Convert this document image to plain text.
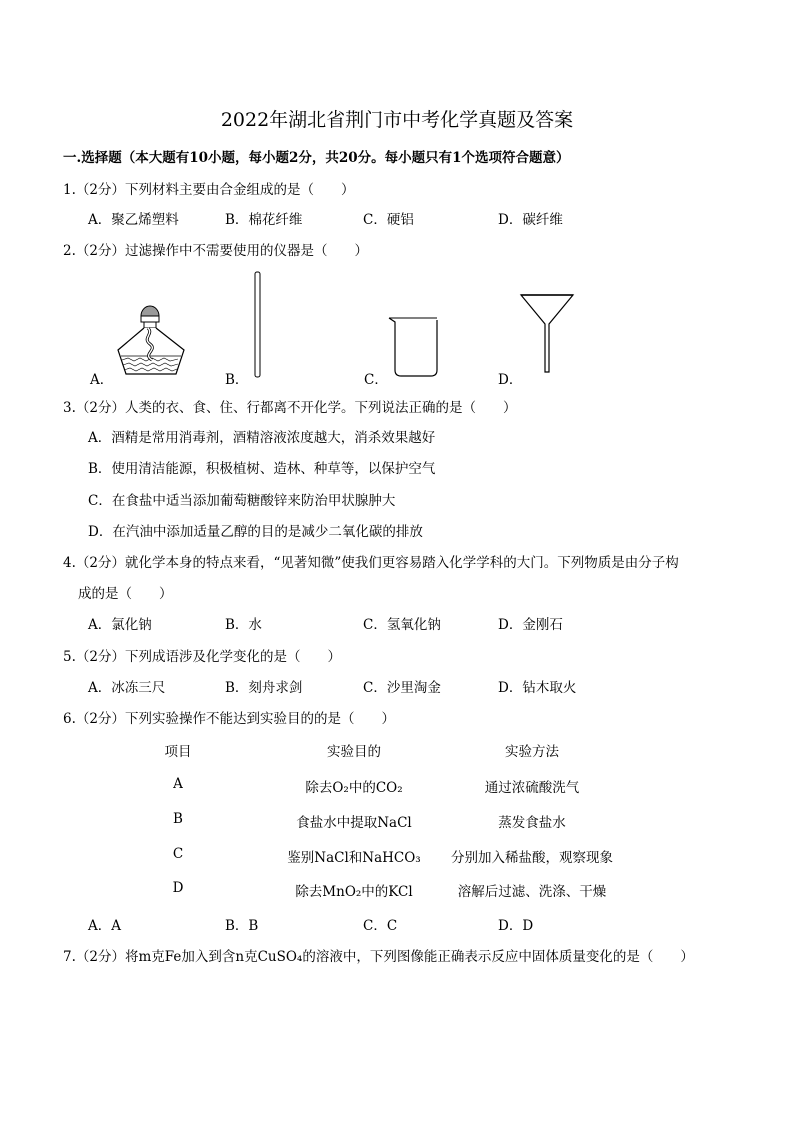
2022年湖北省荆门市中考化学真题及答案
一.选择题（本大题有10小题，每小题2分，共20分。每小题只有1个选项符合题意）
1.（2分）下列材料主要由合金组成的是（　　）
A．聚乙烯塑料	B．棉花纤维	C．硬铝	D．碳纤维
2.（2分）过滤操作中不需要使用的仪器是（　　）
A．	B．	C．	D．
3.（2分）人类的衣、食、住、行都离不开化学。下列说法正确的是（　　）
A．酒精是常用消毒剂，酒精溶液浓度越大，消杀效果越好
B．使用清洁能源，积极植树、造林、种草等，以保护空气
C．在食盐中适当添加葡萄糖酸锌来防治甲状腺肿大
D．在汽油中添加适量乙醇的目的是减少二氧化碳的排放
4.（2分）就化学本身的特点来看，“见著知微”使我们更容易踏入化学学科的大门。下列物质是由分子构
成的是（　　）
A．氯化钠	B．水	C．氢氧化钠	D．金刚石
5.（2分）下列成语涉及化学变化的是（　　）
A．冰冻三尺	B．刻舟求剑	C．沙里淘金	D．钻木取火
6.（2分）下列实验操作不能达到实验目的的是（　　）
项目	实验目的	实验方法
A	除去O₂中的CO₂	通过浓硫酸洗气
B	食盐水中提取NaCl	蒸发食盐水
C	鉴别NaCl和NaHCO₃	分别加入稀盐酸，观察现象
D	除去MnO₂中的KCl	溶解后过滤、洗涤、干燥
A．A	B．B	C．C	D．D
7.（2分）将m克Fe加入到含n克CuSO₄的溶液中，下列图像能正确表示反应中固体质量变化的是（　　）
